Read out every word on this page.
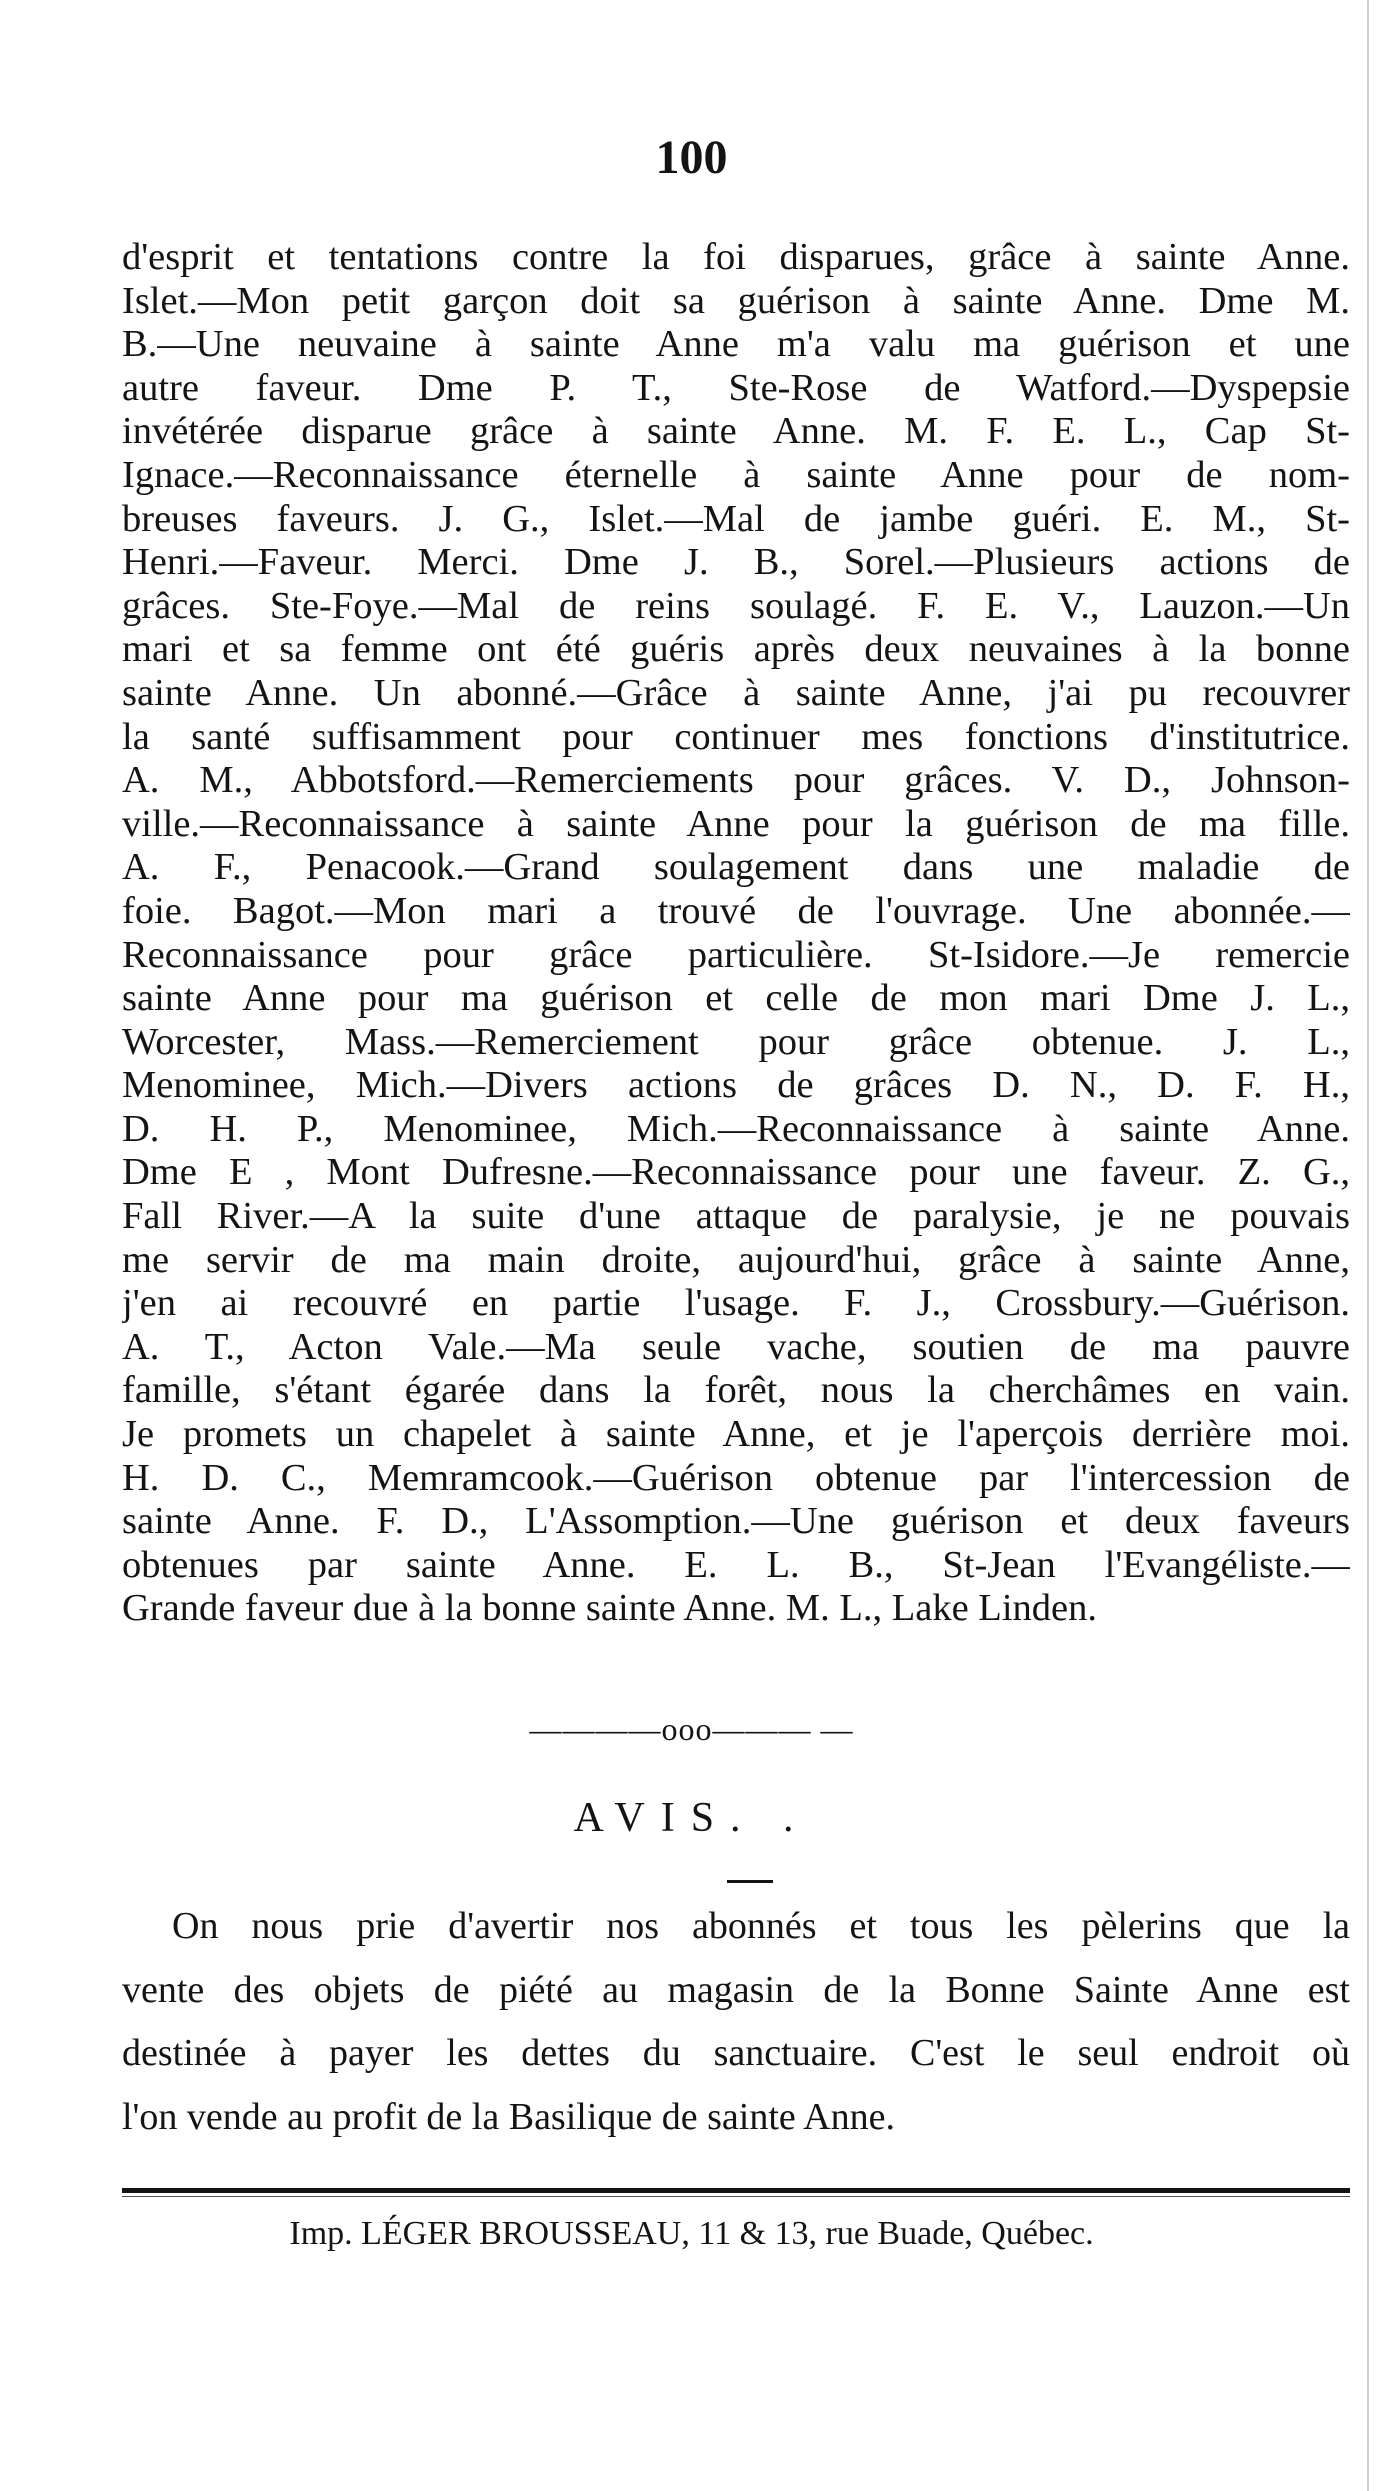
100
d'esprit et tentations contre la foi disparues, grâce à sainte Anne.
Islet.—Mon petit garçon doit sa guérison à sainte Anne. Dme M.
B.—Une neuvaine à sainte Anne m'a valu ma guérison et une
autre faveur. Dme P. T., Ste-Rose de Watford.—Dyspepsie
invétérée disparue grâce à sainte Anne. M. F. E. L., Cap St-
Ignace.—Reconnaissance éternelle à sainte Anne pour de nom-
breuses faveurs. J. G., Islet.—Mal de jambe guéri. E. M., St-
Henri.—Faveur. Merci. Dme J. B., Sorel.—Plusieurs actions de
grâces. Ste-Foye.—Mal de reins soulagé. F. E. V., Lauzon.—Un
mari et sa femme ont été guéris après deux neuvaines à la bonne
sainte Anne. Un abonné.—Grâce à sainte Anne, j'ai pu recouvrer
la santé suffisamment pour continuer mes fonctions d'institutrice.
A. M., Abbotsford.—Remerciements pour grâces. V. D., Johnson-
ville.—Reconnaissance à sainte Anne pour la guérison de ma fille.
A. F., Penacook.—Grand soulagement dans une maladie de
foie. Bagot.—Mon mari a trouvé de l'ouvrage. Une abonnée.—
Reconnaissance pour grâce particulière. St-Isidore.—Je remercie
sainte Anne pour ma guérison et celle de mon mari Dme J. L.,
Worcester, Mass.—Remerciement pour grâce obtenue. J. L.,
Menominee, Mich.—Divers actions de grâces D. N., D. F. H.,
D. H. P., Menominee, Mich.—Reconnaissance à sainte Anne.
Dme E , Mont Dufresne.—Reconnaissance pour une faveur. Z. G.,
Fall River.—A la suite d'une attaque de paralysie, je ne pouvais
me servir de ma main droite, aujourd'hui, grâce à sainte Anne,
j'en ai recouvré en partie l'usage. F. J., Crossbury.—Guérison.
A. T., Acton Vale.—Ma seule vache, soutien de ma pauvre
famille, s'étant égarée dans la forêt, nous la cherchâmes en vain.
Je promets un chapelet à sainte Anne, et je l'aperçois derrière moi.
H. D. C., Memramcook.—Guérison obtenue par l'intercession de
sainte Anne. F. D., L'Assomption.—Une guérison et deux faveurs
obtenues par sainte Anne. E. L. B., St-Jean l'Evangéliste.—
Grande faveur due à la bonne sainte Anne. M. L., Lake Linden.
————ooo——— —
AVIS. .
On nous prie d'avertir nos abonnés et tous les pèlerins que la
vente des objets de piété au magasin de la Bonne Sainte Anne est
destinée à payer les dettes du sanctuaire. C'est le seul endroit où
l'on vende au profit de la Basilique de sainte Anne.
Imp. LÉGER BROUSSEAU, 11 & 13, rue Buade, Québec.
